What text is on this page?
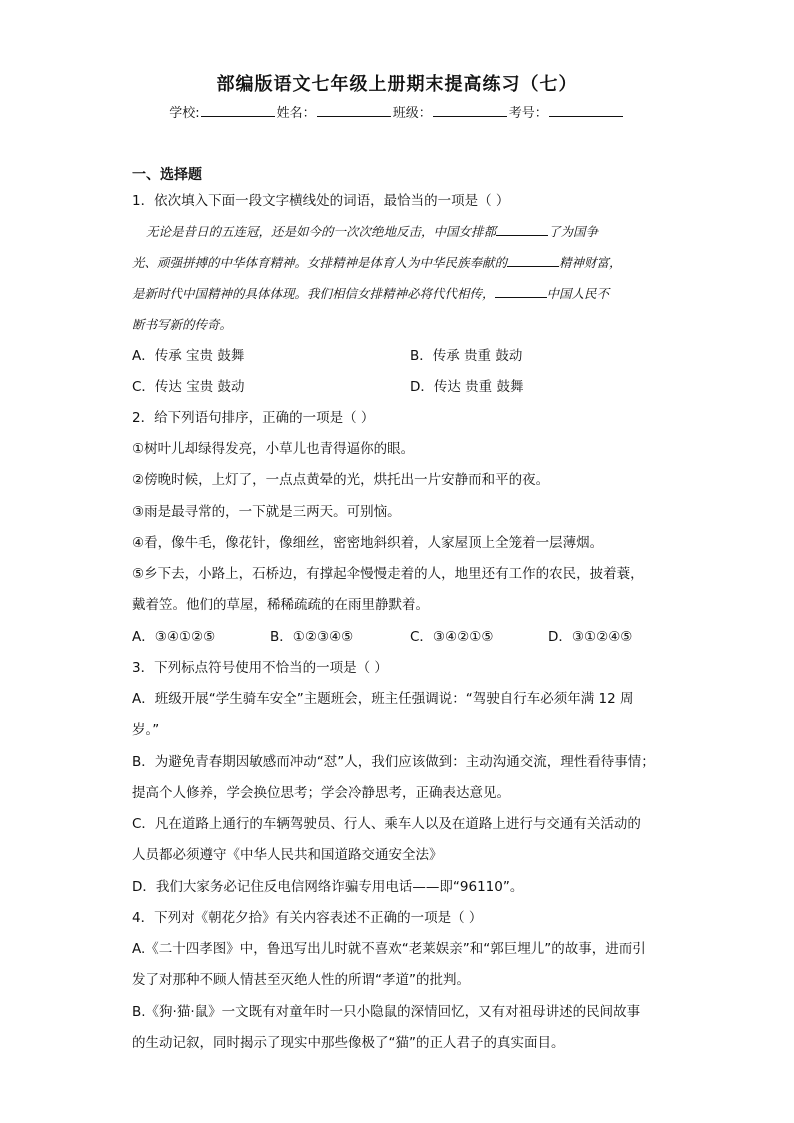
部编版语文七年级上册期末提高练习（七）
学校:	姓名：	班级：	考号：
一、选择题
1．依次填入下面一段文字横线处的词语，最恰当的一项是（ ）
无论是昔日的五连冠，还是如今的一次次绝地反击，中国女排都	了为国争
光、顽强拼搏的中华体育精神。女排精神是体育人为中华民族奉献的	精神财富，
是新时代中国精神的具体体现。我们相信女排精神必将代代相传，	中国人民不
断书写新的传奇。
A．传承 宝贵 鼓舞	B．传承 贵重 鼓动
C．传达 宝贵 鼓动	D．传达 贵重 鼓舞
2．给下列语句排序，正确的一项是（ ）
①树叶儿却绿得发亮，小草儿也青得逼你的眼。
②傍晚时候，上灯了，一点点黄晕的光，烘托出一片安静而和平的夜。
③雨是最寻常的，一下就是三两天。可别恼。
④看，像牛毛，像花针，像细丝，密密地斜织着，人家屋顶上全笼着一层薄烟。
⑤乡下去，小路上，石桥边，有撑起伞慢慢走着的人，地里还有工作的农民，披着蓑，
戴着笠。他们的草屋，稀稀疏疏的在雨里静默着。
A．③④①②⑤	B．①②③④⑤	C．③④②①⑤	D．③①②④⑤
3．下列标点符号使用不恰当的一项是（ ）
A．班级开展“学生骑车安全”主题班会，班主任强调说：“驾驶自行车必须年满 12 周
岁。”
B．为避免青春期因敏感而冲动“怼”人，我们应该做到：主动沟通交流，理性看待事情；
提高个人修养，学会换位思考；学会冷静思考，正确表达意见。
C．凡在道路上通行的车辆驾驶员、行人、乘车人以及在道路上进行与交通有关活动的
人员都必须遵守《中华人民共和国道路交通安全法》
D．我们大家务必记住反电信网络诈骗专用电话——即“96110”。
4．下列对《朝花夕拾》有关内容表述不正确的一项是（ ）
A.《二十四孝图》中，鲁迅写出儿时就不喜欢“老莱娱亲”和“郭巨埋儿”的故事，进而引
发了对那种不顾人情甚至灭绝人性的所谓“孝道”的批判。
B.《狗·猫·鼠》一文既有对童年时一只小隐鼠的深情回忆，又有对祖母讲述的民间故事
的生动记叙，同时揭示了现实中那些像极了“猫”的正人君子的真实面目。
